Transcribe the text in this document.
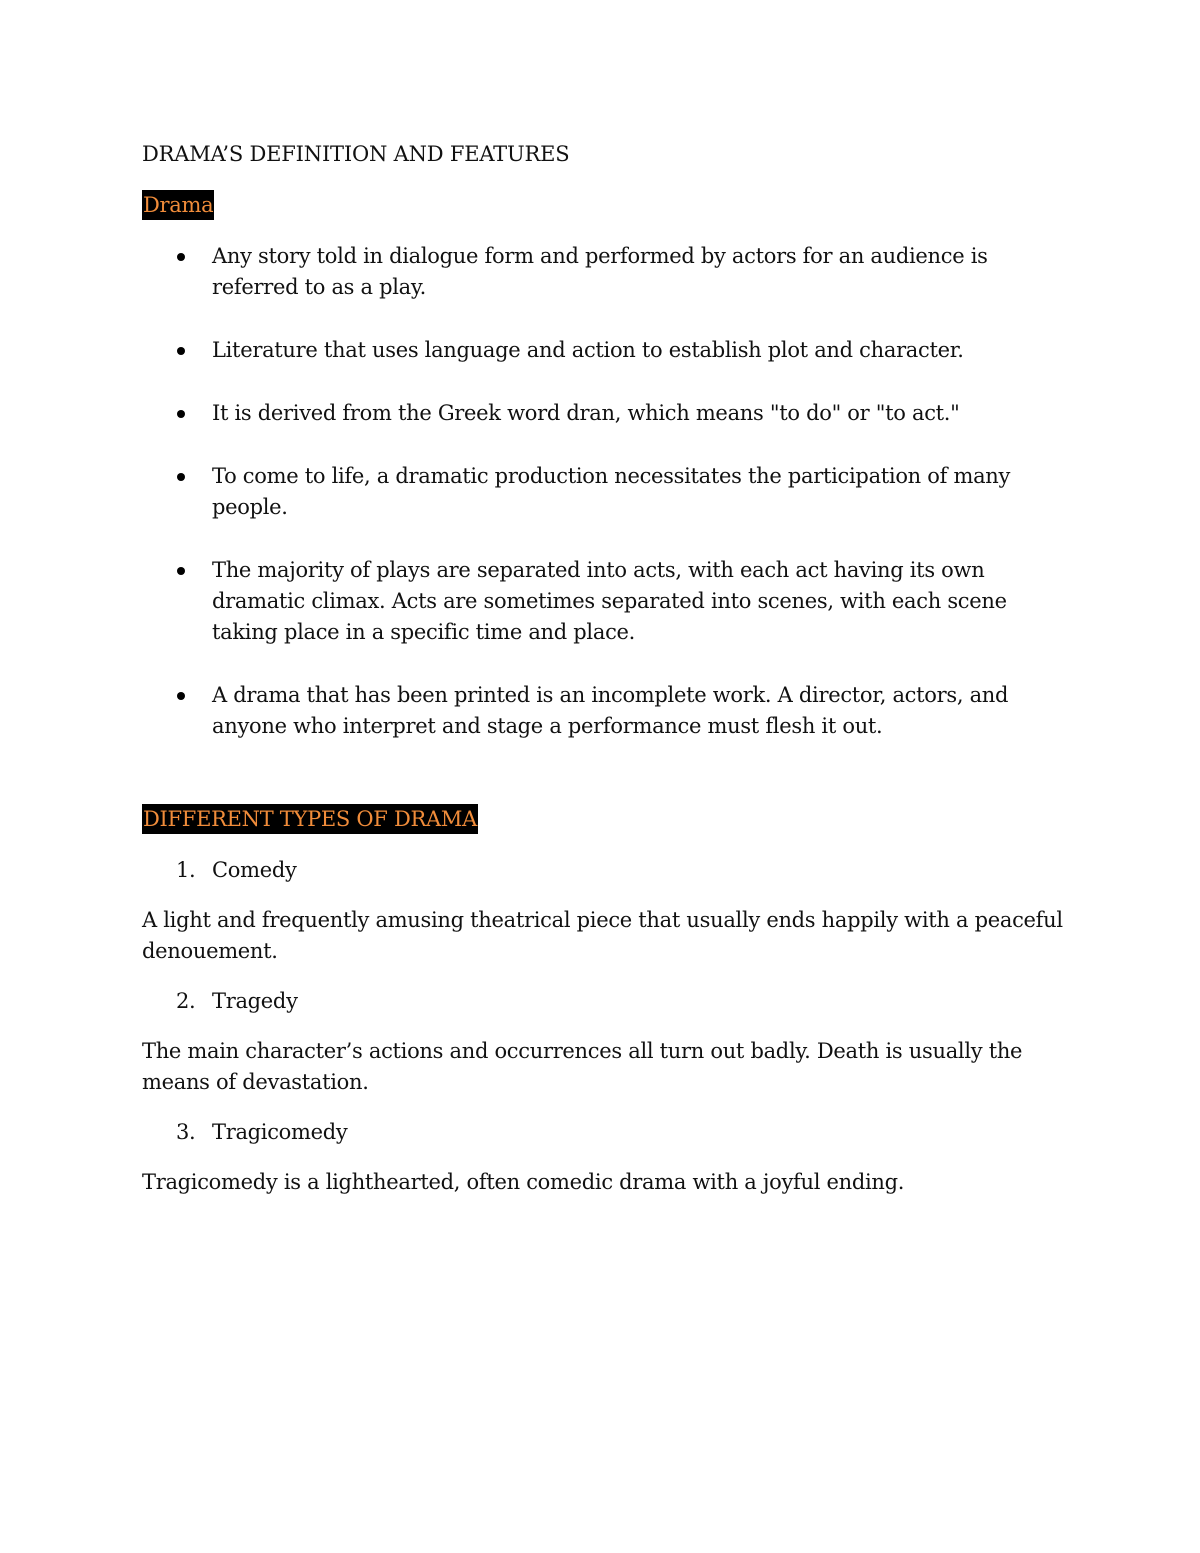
DRAMA’S DEFINITION AND FEATURES
Drama
Any story told in dialogue form and performed by actors for an audience is referred to as a play.
Literature that uses language and action to establish plot and character.
It is derived from the Greek word dran, which means "to do" or "to act."
To come to life, a dramatic production necessitates the participation of many people.
The majority of plays are separated into acts, with each act having its own dramatic climax. Acts are sometimes separated into scenes, with each scene taking place in a specific time and place.
A drama that has been printed is an incomplete work. A director, actors, and anyone who interpret and stage a performance must flesh it out.
DIFFERENT TYPES OF DRAMA
1. Comedy

A light and frequently amusing theatrical piece that usually ends happily with a peaceful denouement.

2. Tragedy

The main character’s actions and occurrences all turn out badly. Death is usually the means of devastation.

3. Tragicomedy

Tragicomedy is a lighthearted, often comedic drama with a joyful ending.
